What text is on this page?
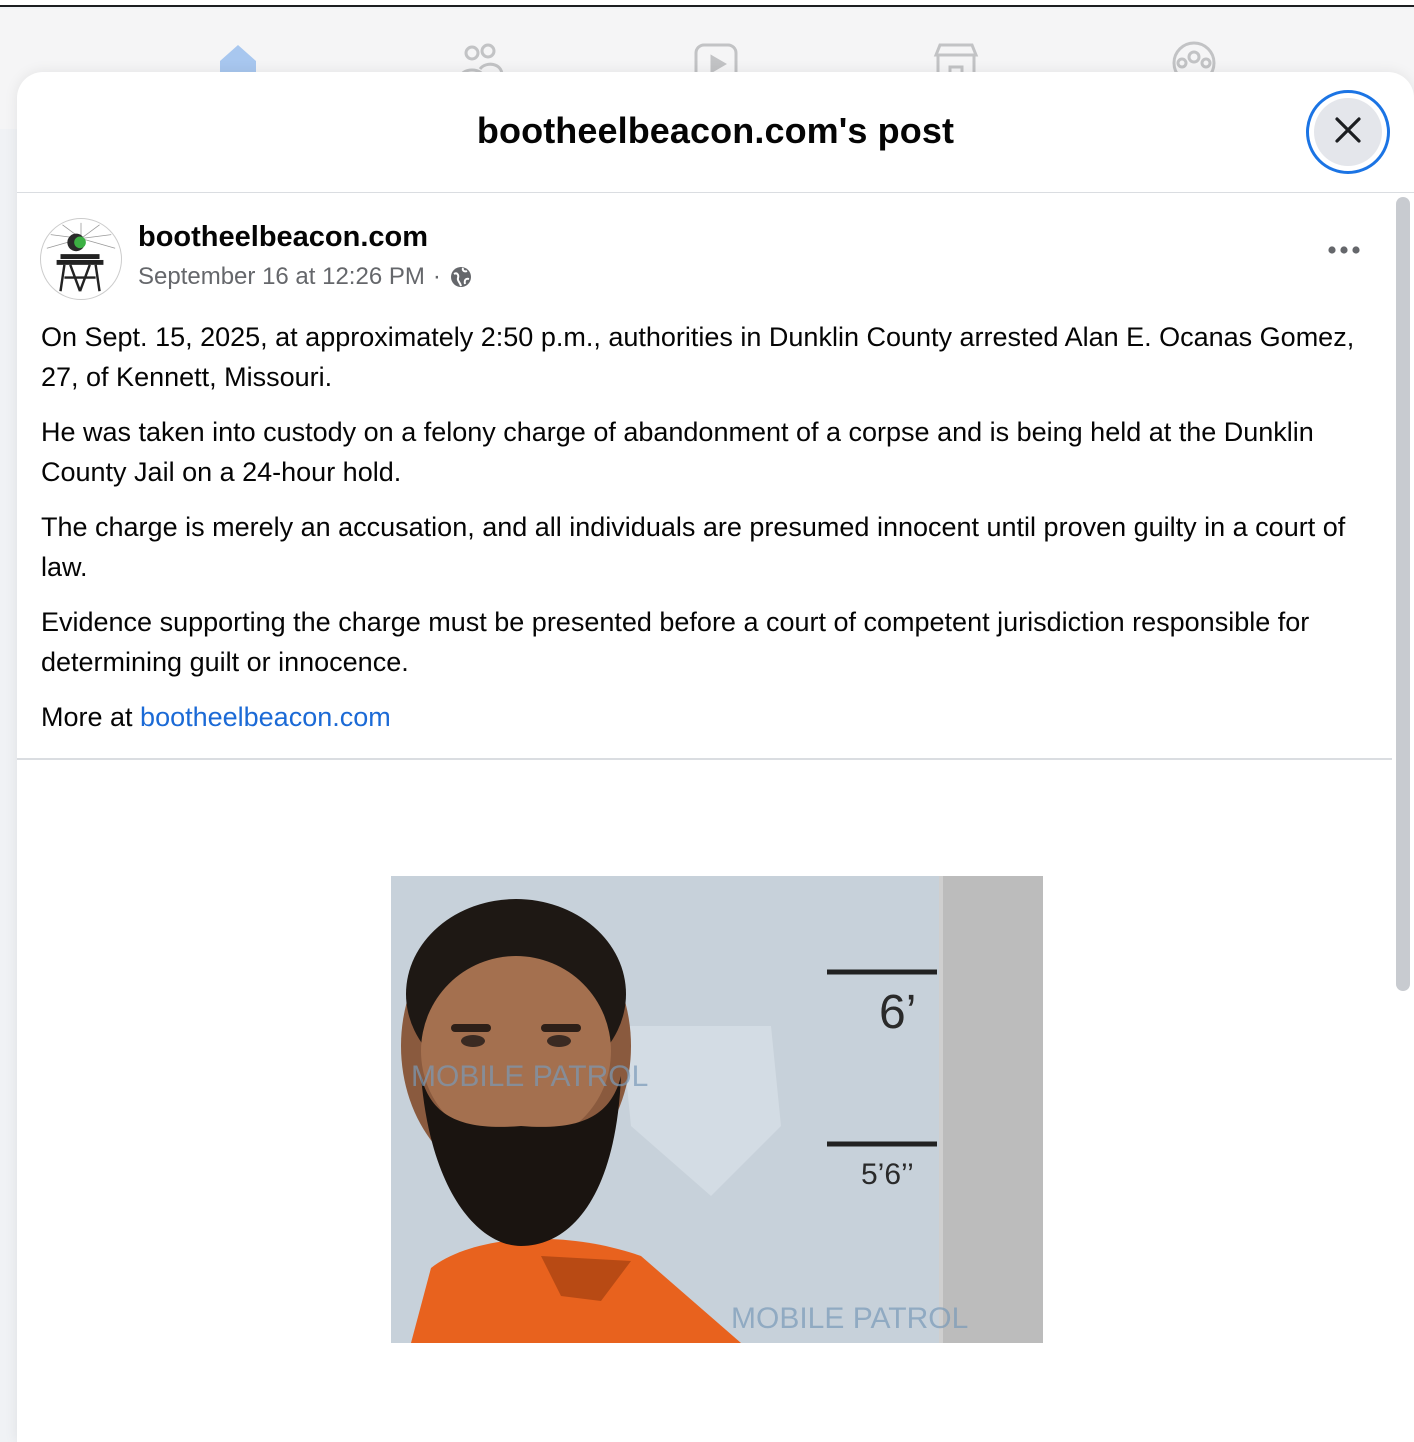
bootheelbeacon.com's post
bootheelbeacon.com
September 16 at 12:26 PM ·

On Sept. 15, 2025, at approximately 2:50 p.m., authorities in Dunklin County arrested Alan E. Ocanas Gomez, 27, of Kennett, Missouri.

He was taken into custody on a felony charge of abandonment of a corpse and is being held at the Dunklin County Jail on a 24-hour hold.

The charge is merely an accusation, and all individuals are presumed innocent until proven guilty in a court of law.

Evidence supporting the charge must be presented before a court of competent jurisdiction responsible for determining guilt or innocence.

More at bootheelbeacon.com

6’
5’6’’
MOBILE PATROL
MOBILE PATROL
